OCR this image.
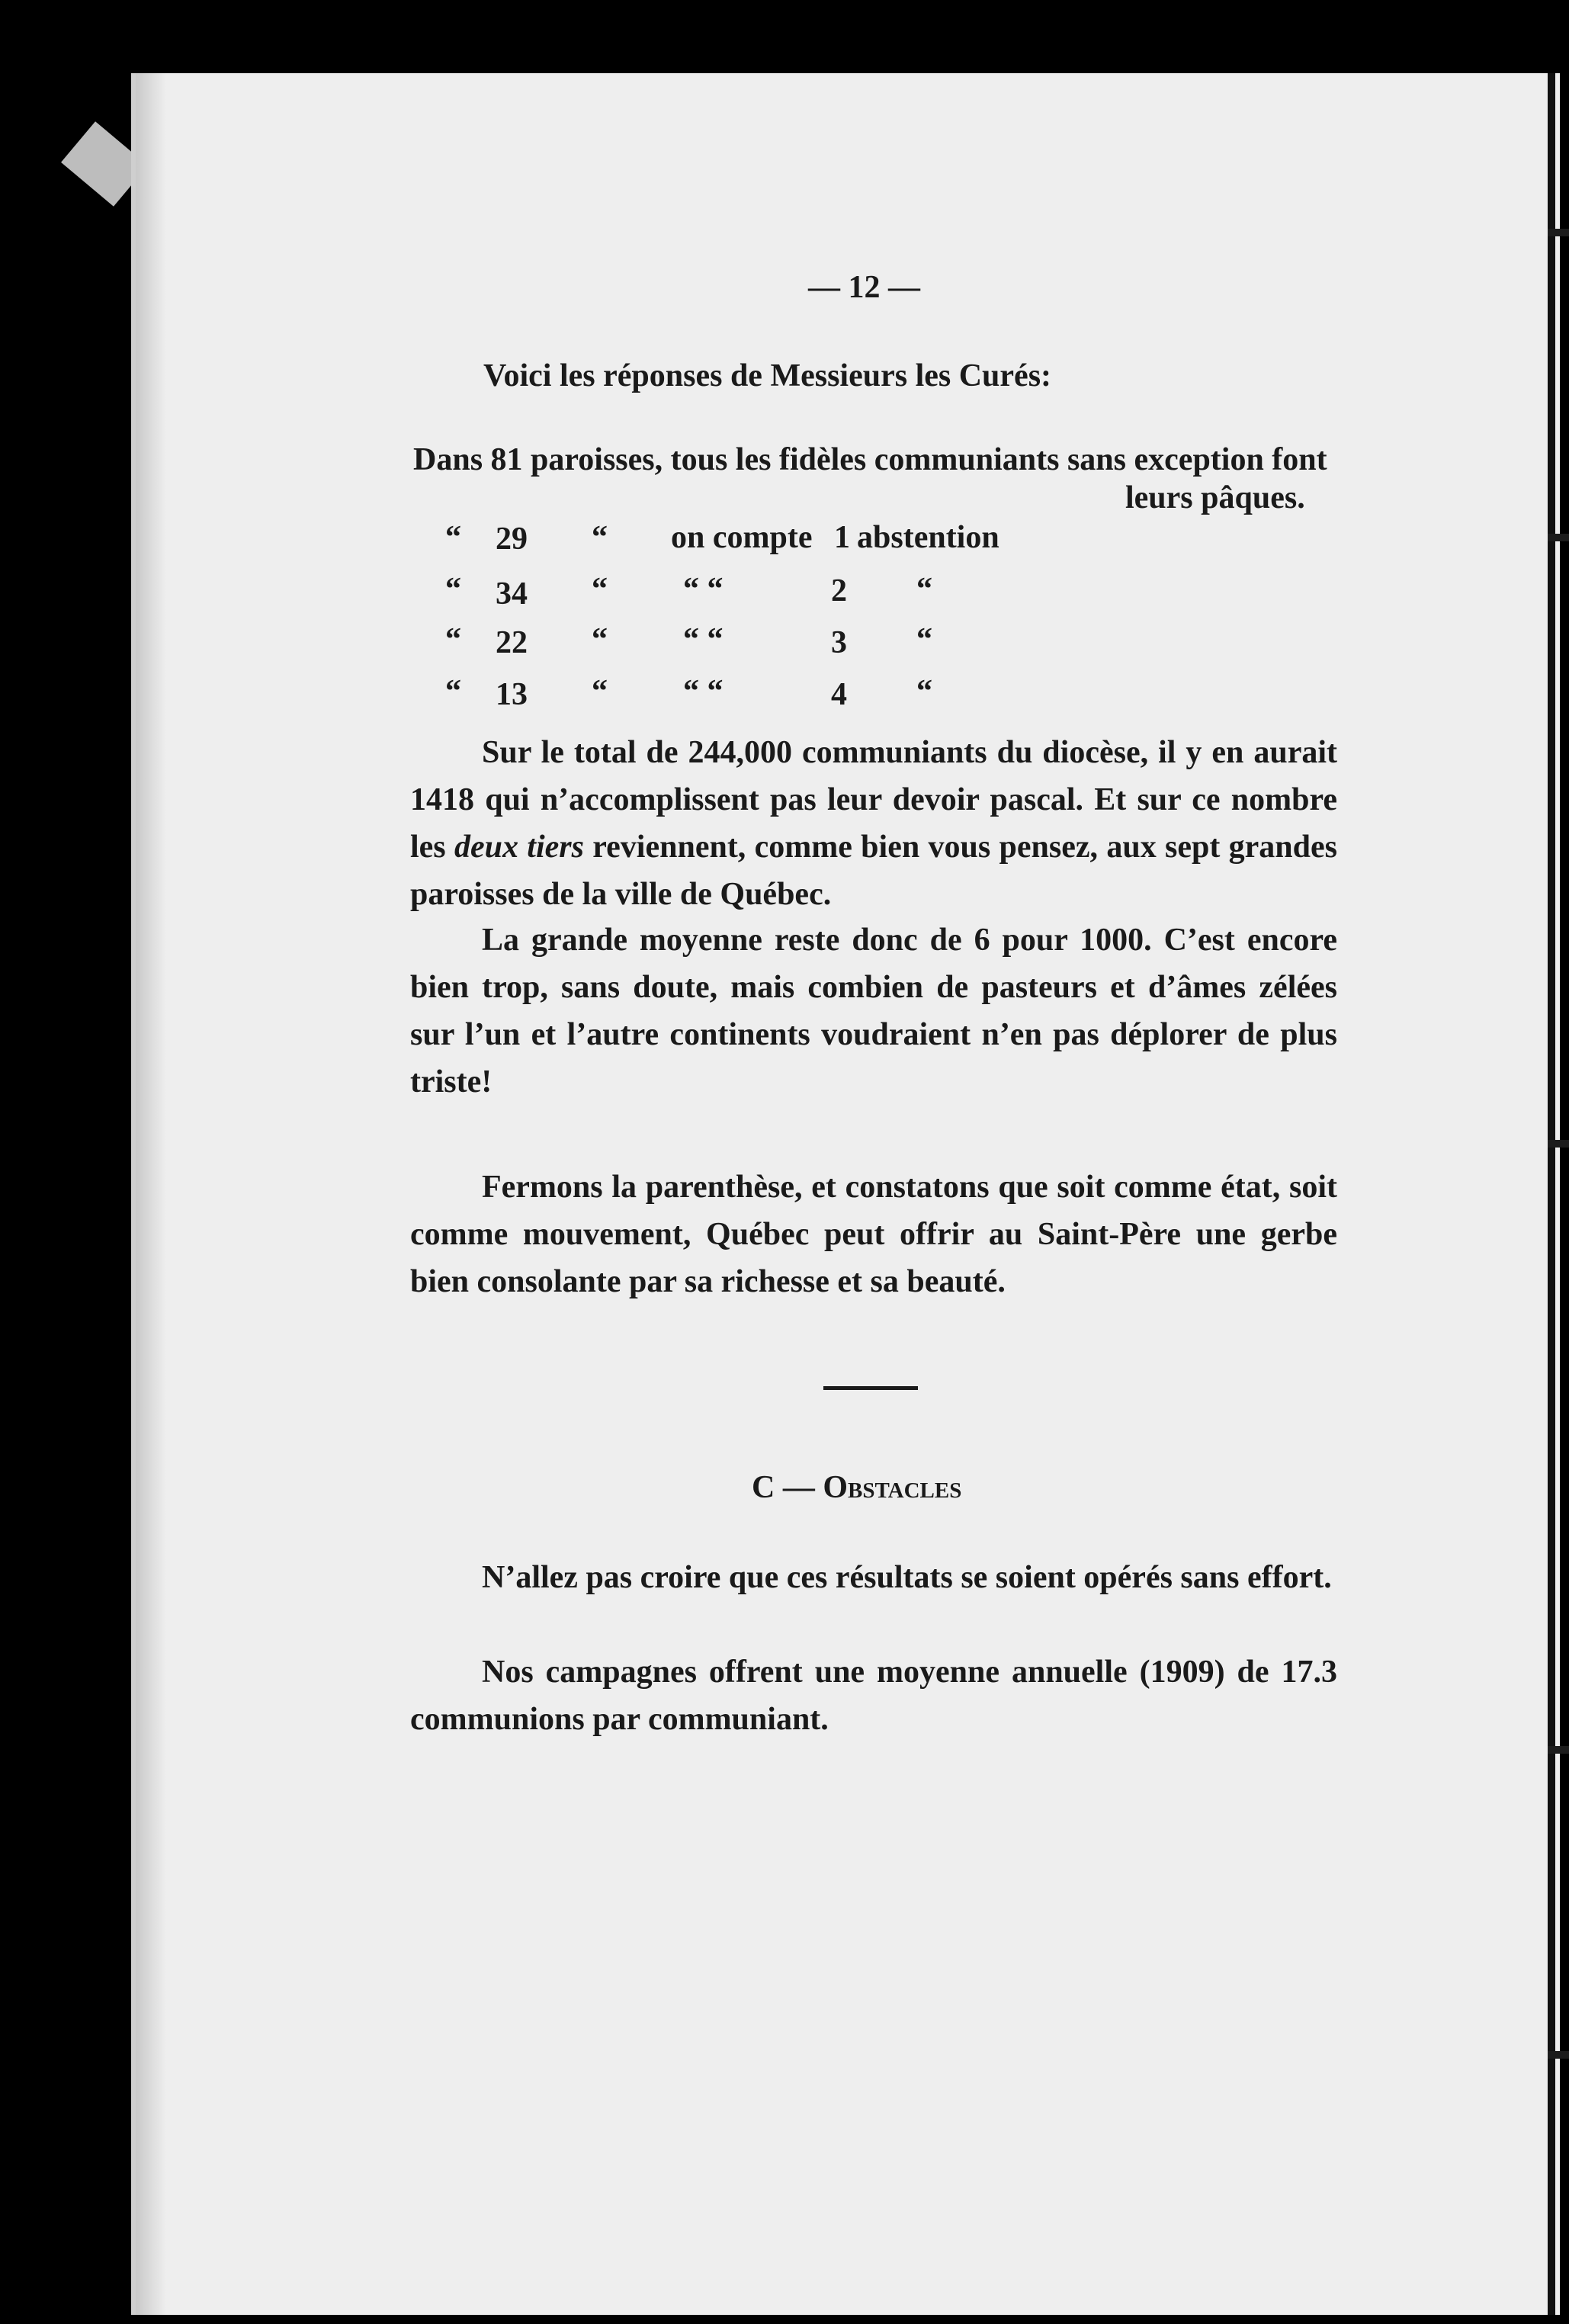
— 12 —
Voici les réponses de Messieurs les Curés:
Dans 81 paroisses, tous les fidèles communiants sans exception font
leurs pâques.
“ 29 “ on compte 1 abstention
“ 34 “ “ “	2 “
“ 22 “ “ “	3 “
“ 13 “ “ “	4 “

Sur le total de 244,000 communiants du diocèse, il y en aurait 1418 qui n’accomplissent pas leur devoir pascal. Et sur ce nombre les deux tiers reviennent, comme bien vous pensez, aux sept grandes paroisses de la ville de Québec.

La grande moyenne reste donc de 6 pour 1000. C’est encore bien trop, sans doute, mais combien de pasteurs et d’âmes zélées sur l’un et l’autre continents voudraient n’en pas déplorer de plus triste!

Fermons la parenthèse, et constatons que soit comme état, soit comme mouvement, Québec peut offrir au Saint-Père une gerbe bien consolante par sa richesse et sa beauté.

C — Obstacles

N’allez pas croire que ces résultats se soient opérés sans effort.

Nos campagnes offrent une moyenne annuelle (1909) de 17.3 communions par communiant.
